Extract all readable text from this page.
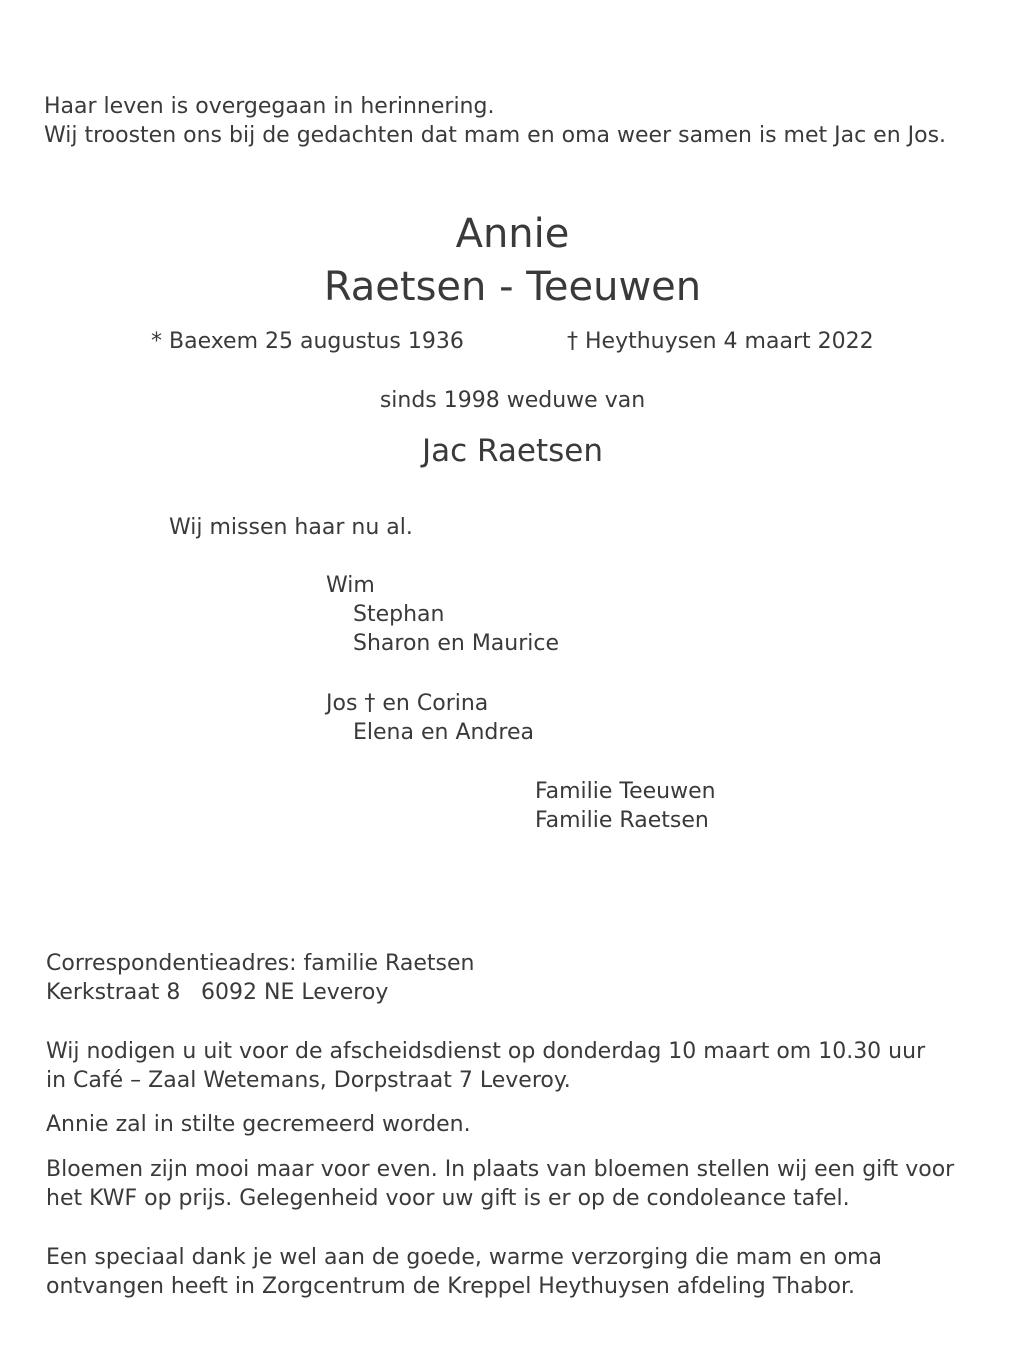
Haar leven is overgegaan in herinnering.

Wij troosten ons bij de gedachten dat mam en oma weer samen is met Jac en Jos.

Annie

Raetsen - Teeuwen

* Baexem 25 augustus 1936	† Heythuysen 4 maart 2022

sinds 1998 weduwe van

Jac Raetsen

Wij missen haar nu al.

Wim

Stephan

Sharon en Maurice

Jos † en Corina

Elena en Andrea

Familie Teeuwen

Familie Raetsen

Correspondentieadres: familie Raetsen

Kerkstraat 8 6092 NE Leveroy

Wij nodigen u uit voor de afscheidsdienst op donderdag 10 maart om 10.30 uur

in Café – Zaal Wetemans, Dorpstraat 7 Leveroy.

Annie zal in stilte gecremeerd worden.

Bloemen zijn mooi maar voor even. In plaats van bloemen stellen wij een gift voor

het KWF op prijs. Gelegenheid voor uw gift is er op de condoleance tafel.

Een speciaal dank je wel aan de goede, warme verzorging die mam en oma

ontvangen heeft in Zorgcentrum de Kreppel Heythuysen afdeling Thabor.
